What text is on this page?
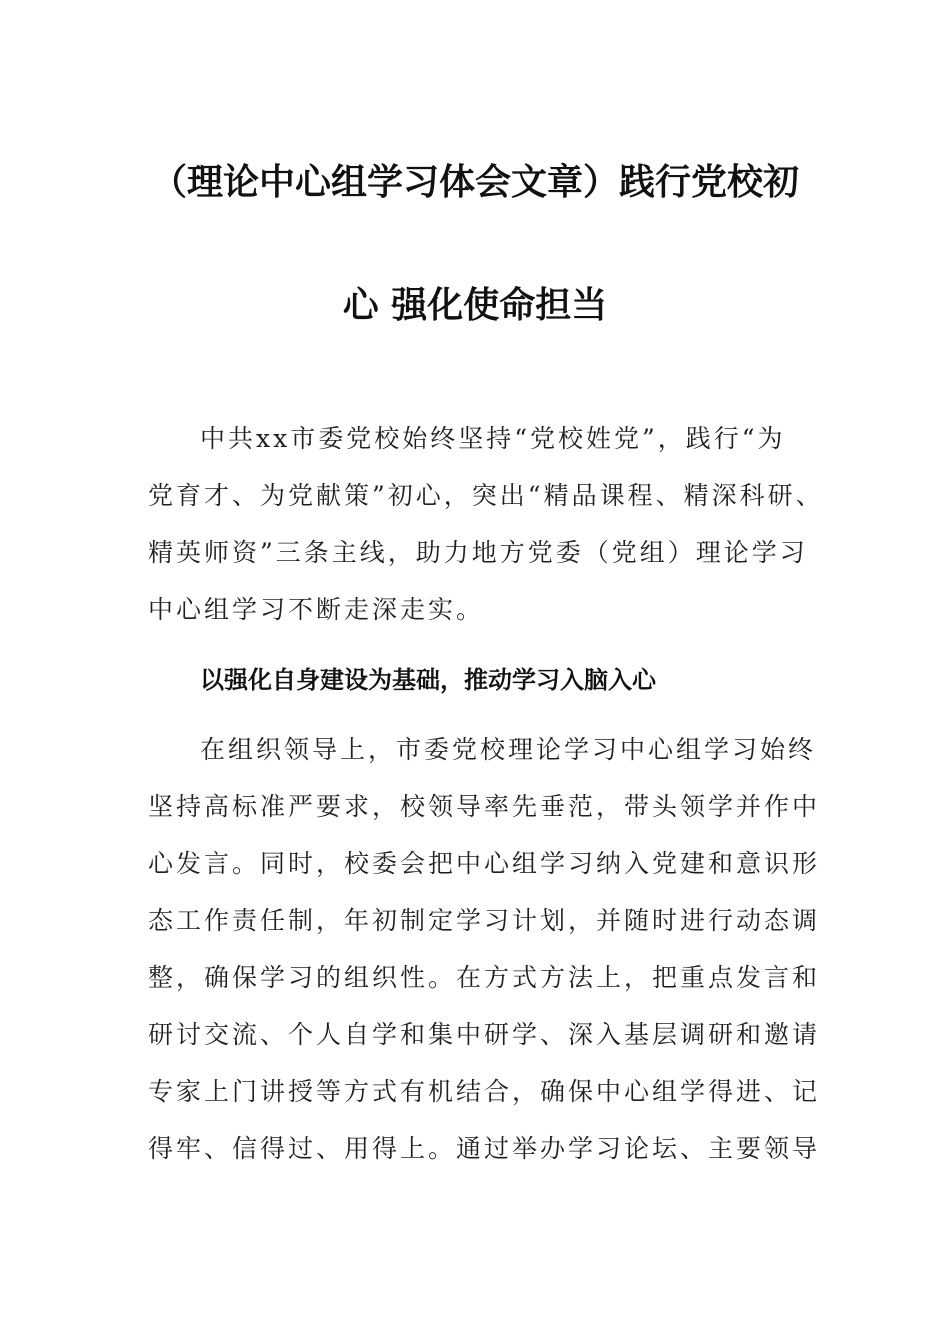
（理论中心组学习体会文章）践行党校初
心 强化使命担当
中共xx市委党校始终坚持“党校姓党”，践行“为
党育才、为党献策”初心，突出“精品课程、精深科研、
精英师资”三条主线，助力地方党委（党组）理论学习
中心组学习不断走深走实。
以强化自身建设为基础，推动学习入脑入心
在组织领导上，市委党校理论学习中心组学习始终
坚持高标准严要求，校领导率先垂范，带头领学并作中
心发言。同时，校委会把中心组学习纳入党建和意识形
态工作责任制，年初制定学习计划，并随时进行动态调
整，确保学习的组织性。在方式方法上，把重点发言和
研讨交流、个人自学和集中研学、深入基层调研和邀请
专家上门讲授等方式有机结合，确保中心组学得进、记
得牢、信得过、用得上。通过举办学习论坛、主要领导
